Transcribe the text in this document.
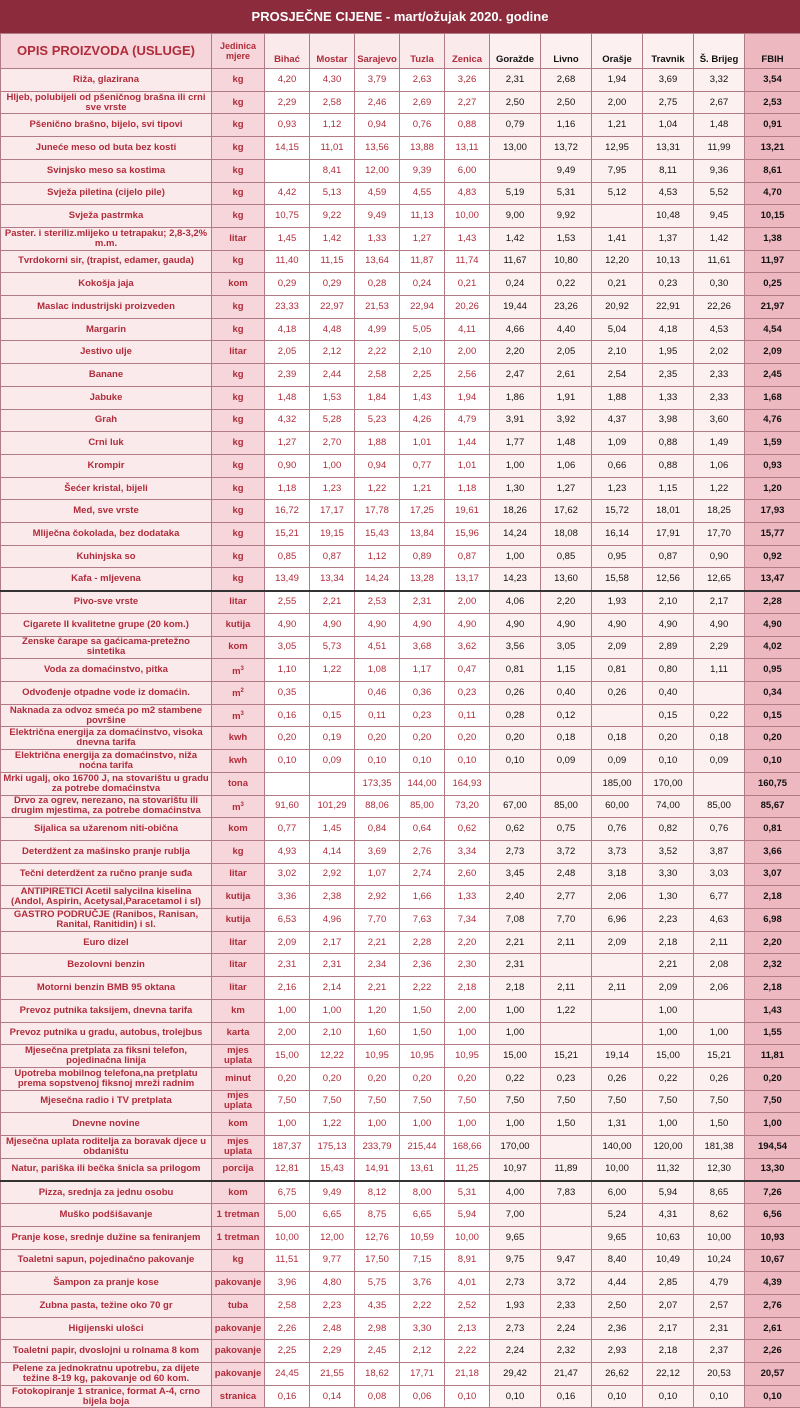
PROSJEČNE CIJENE - mart/ožujak 2020. godine
OPIS PROIZVODA (USLUGE)	Jedinica mjere	Bihać	Mostar	Sarajevo	Tuzla	Zenica	Goražde	Livno	Orašje	Travnik	Š. Brijeg	FBIH
Riža, glazirana	kg	4,20	4,30	3,79	2,63	3,26	2,31	2,68	1,94	3,69	3,32	3,54
Hljeb, polubijeli od pšeničnog brašna ili crni sve vrste	kg	2,29	2,58	2,46	2,69	2,27	2,50	2,50	2,00	2,75	2,67	2,53
Pšenično brašno, bijelo, svi tipovi	kg	0,93	1,12	0,94	0,76	0,88	0,79	1,16	1,21	1,04	1,48	0,91
Juneće meso od buta bez kosti	kg	14,15	11,01	13,56	13,88	13,11	13,00	13,72	12,95	13,31	11,99	13,21
Svinjsko meso sa kostima	kg		8,41	12,00	9,39	6,00		9,49	7,95	8,11	9,36	8,61
Svježa piletina (cijelo pile)	kg	4,42	5,13	4,59	4,55	4,83	5,19	5,31	5,12	4,53	5,52	4,70
Svježa pastrmka	kg	10,75	9,22	9,49	11,13	10,00	9,00	9,92		10,48	9,45	10,15
Paster. i steriliz.mlijeko u tetrapaku; 2,8-3,2% m.m.	litar	1,45	1,42	1,33	1,27	1,43	1,42	1,53	1,41	1,37	1,42	1,38
Tvrdokorni sir, (trapist, edamer, gauda)	kg	11,40	11,15	13,64	11,87	11,74	11,67	10,80	12,20	10,13	11,61	11,97
Kokošja jaja	kom	0,29	0,29	0,28	0,24	0,21	0,24	0,22	0,21	0,23	0,30	0,25
Maslac industrijski proizveden	kg	23,33	22,97	21,53	22,94	20,26	19,44	23,26	20,92	22,91	22,26	21,97
Margarin	kg	4,18	4,48	4,99	5,05	4,11	4,66	4,40	5,04	4,18	4,53	4,54
Jestivo ulje	litar	2,05	2,12	2,22	2,10	2,00	2,20	2,05	2,10	1,95	2,02	2,09
Banane	kg	2,39	2,44	2,58	2,25	2,56	2,47	2,61	2,54	2,35	2,33	2,45
Jabuke	kg	1,48	1,53	1,84	1,43	1,94	1,86	1,91	1,88	1,33	2,33	1,68
Grah	kg	4,32	5,28	5,23	4,26	4,79	3,91	3,92	4,37	3,98	3,60	4,76
Crni luk	kg	1,27	2,70	1,88	1,01	1,44	1,77	1,48	1,09	0,88	1,49	1,59
Krompir	kg	0,90	1,00	0,94	0,77	1,01	1,00	1,06	0,66	0,88	1,06	0,93
Šećer kristal, bijeli	kg	1,18	1,23	1,22	1,21	1,18	1,30	1,27	1,23	1,15	1,22	1,20
Med, sve vrste	kg	16,72	17,17	17,78	17,25	19,61	18,26	17,62	15,72	18,01	18,25	17,93
Mliječna čokolada, bez dodataka	kg	15,21	19,15	15,43	13,84	15,96	14,24	18,08	16,14	17,91	17,70	15,77
Kuhinjska so	kg	0,85	0,87	1,12	0,89	0,87	1,00	0,85	0,95	0,87	0,90	0,92
Kafa - mljevena	kg	13,49	13,34	14,24	13,28	13,17	14,23	13,60	15,58	12,56	12,65	13,47
Pivo-sve vrste	litar	2,55	2,21	2,53	2,31	2,00	4,06	2,20	1,93	2,10	2,17	2,28
Cigarete II kvalitetne grupe (20 kom.)	kutija	4,90	4,90	4,90	4,90	4,90	4,90	4,90	4,90	4,90	4,90	4,90
Ženske čarape sa gaćicama-pretežno sintetika	kom	3,05	5,73	4,51	3,68	3,62	3,56	3,05	2,09	2,89	2,29	4,02
Voda za domaćinstvo, pitka	$m^3$	1,10	1,22	1,08	1,17	0,47	0,81	1,15	0,81	0,80	1,11	0,95
Odvođenje otpadne vode iz domaćin.	$m^2$	0,35		0,46	0,36	0,23	0,26	0,40	0,26	0,40		0,34
Naknada za odvoz smeća po m2 stambene površine	$m^3$	0,16	0,15	0,11	0,23	0,11	0,28	0,12		0,15	0,22	0,15
Električna energija za domaćinstvo, visoka dnevna tarifa	kwh	0,20	0,19	0,20	0,20	0,20	0,20	0,18	0,18	0,20	0,18	0,20
Električna energija za domaćinstvo, niža noćna tarifa	kwh	0,10	0,09	0,10	0,10	0,10	0,10	0,09	0,09	0,10	0,09	0,10
Mrki ugalj, oko 16700 J, na stovarištu u gradu za potrebe domaćinstva	tona			173,35	144,00	164,93			185,00	170,00		160,75
Drvo za ogrev, nerezano, na stovarištu ili drugim mjestima, za potrebe domaćinstva	$m^3$	91,60	101,29	88,06	85,00	73,20	67,00	85,00	60,00	74,00	85,00	85,67
Sijalica sa užarenom niti-obična	kom	0,77	1,45	0,84	0,64	0,62	0,62	0,75	0,76	0,82	0,76	0,81
Deterdžent za mašinsko pranje rublja	kg	4,93	4,14	3,69	2,76	3,34	2,73	3,72	3,73	3,52	3,87	3,66
Tečni deterdžent za ručno pranje suđa	litar	3,02	2,92	1,07	2,74	2,60	3,45	2,48	3,18	3,30	3,03	3,07
ANTIPIRETICI Acetil salycilna kiselina (Andol, Aspirin, Acetysal,Paracetamol i sl)	kutija	3,36	2,38	2,92	1,66	1,33	2,40	2,77	2,06	1,30	6,77	2,18
GASTRO PODRUČJE (Ranibos, Ranisan, Ranital, Ranitidin) i sl.	kutija	6,53	4,96	7,70	7,63	7,34	7,08	7,70	6,96	2,23	4,63	6,98
Euro dizel	litar	2,09	2,17	2,21	2,28	2,20	2,21	2,11	2,09	2,18	2,11	2,20
Bezolovni benzin	litar	2,31	2,31	2,34	2,36	2,30	2,31			2,21	2,08	2,32
Motorni benzin BMB 95 oktana	litar	2,16	2,14	2,21	2,22	2,18	2,18	2,11	2,11	2,09	2,06	2,18
Prevoz putnika taksijem, dnevna tarifa	km	1,00	1,00	1,20	1,50	2,00	1,00	1,22		1,00		1,43
Prevoz putnika u gradu, autobus, trolejbus	karta	2,00	2,10	1,60	1,50	1,00	1,00			1,00	1,00	1,55
Mjesečna pretplata za fiksni telefon, pojedinačna linija	mjes uplata	15,00	12,22	10,95	10,95	10,95	15,00	15,21	19,14	15,00	15,21	11,81
Upotreba mobilnog telefona,na pretplatu prema sopstvenoj fiksnoj mreži radnim	minut	0,20	0,20	0,20	0,20	0,20	0,22	0,23	0,26	0,22	0,26	0,20
Mjesečna radio i TV pretplata	mjes uplata	7,50	7,50	7,50	7,50	7,50	7,50	7,50	7,50	7,50	7,50	7,50
Dnevne novine	kom	1,00	1,22	1,00	1,00	1,00	1,00	1,50	1,31	1,00	1,50	1,00
Mjesečna uplata roditelja za boravak djece u obdaništu	mjes uplata	187,37	175,13	233,79	215,44	168,66	170,00		140,00	120,00	181,38	194,54
Natur, pariška ili bečka šnicla sa prilogom	porcija	12,81	15,43	14,91	13,61	11,25	10,97	11,89	10,00	11,32	12,30	13,30
Pizza, srednja za jednu osobu	kom	6,75	9,49	8,12	8,00	5,31	4,00	7,83	6,00	5,94	8,65	7,26
Muško podšišavanje	1 tretman	5,00	6,65	8,75	6,65	5,94	7,00		5,24	4,31	8,62	6,56
Pranje kose, srednje dužine sa feniranjem	1 tretman	10,00	12,00	12,76	10,59	10,00	9,65		9,65	10,63	10,00	10,93
Toaletni sapun, pojedinačno pakovanje	kg	11,51	9,77	17,50	7,15	8,91	9,75	9,47	8,40	10,49	10,24	10,67
Šampon za pranje kose	pakovanje	3,96	4,80	5,75	3,76	4,01	2,73	3,72	4,44	2,85	4,79	4,39
Zubna pasta, težine oko 70 gr	tuba	2,58	2,23	4,35	2,22	2,52	1,93	2,33	2,50	2,07	2,57	2,76
Higijenski ulošci	pakovanje	2,26	2,48	2,98	3,30	2,13	2,73	2,24	2,36	2,17	2,31	2,61
Toaletni papir, dvoslojni u rolnama 8 kom	pakovanje	2,25	2,29	2,45	2,12	2,22	2,24	2,32	2,93	2,18	2,37	2,26
Pelene za jednokratnu upotrebu, za dijete težine 8-19 kg, pakovanje od 60 kom.	pakovanje	24,45	21,55	18,62	17,71	21,18	29,42	21,47	26,62	22,12	20,53	20,57
Fotokopiranje 1 stranice, format A-4, crno bijela boja	stranica	0,16	0,14	0,08	0,06	0,10	0,10	0,16	0,10	0,10	0,10	0,10
